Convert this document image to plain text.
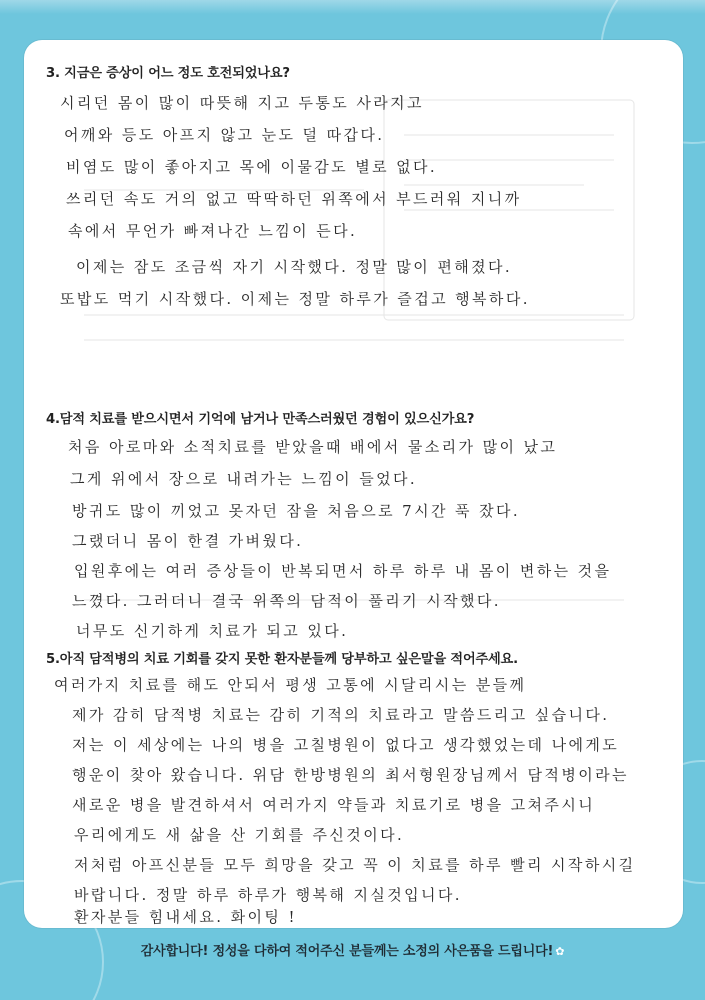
3. 지금은 증상이 어느 정도 호전되었나요?
시리던 몸이 많이 따뜻해 지고 두통도 사라지고
어깨와 등도 아프지 않고 눈도 덜 따갑다.
비염도 많이 좋아지고 목에 이물감도 별로 없다.
쓰리던 속도 거의 없고 딱딱하던 위쪽에서 부드러워 지니까
속에서 무언가 빠져나간 느낌이 든다.
이제는 잠도 조금씩 자기 시작했다. 정말 많이 편해졌다.
또밥도 먹기 시작했다. 이제는 정말 하루가 즐겁고 행복하다.
4.담적 치료를 받으시면서 기억에 남거나 만족스러웠던 경험이 있으신가요?
처음 아로마와 소적치료를 받았을때 배에서 물소리가 많이 났고
그게 위에서 장으로 내려가는 느낌이 들었다.
방귀도 많이 끼었고 못자던 잠을 처음으로 7시간 푹 잤다.
그랬더니 몸이 한결 가벼웠다.
입원후에는 여러 증상들이 반복되면서 하루 하루 내 몸이 변하는 것을
느꼈다. 그러더니 결국 위쪽의 담적이 풀리기 시작했다.
너무도 신기하게 치료가 되고 있다.
5.아직 담적병의 치료 기회를 갖지 못한 환자분들께 당부하고 싶은말을 적어주세요.
여러가지 치료를 해도 안되서 평생 고통에 시달리시는 분들께
제가 감히 담적병 치료는 감히 기적의 치료라고 말씀드리고 싶습니다.
저는 이 세상에는 나의 병을 고칠병원이 없다고 생각했었는데 나에게도
행운이 찾아 왔습니다. 위담 한방병원의 최서형원장님께서 담적병이라는
새로운 병을 발견하셔서 여러가지 약들과 치료기로 병을 고쳐주시니
우리에게도 새 삶을 산 기회를 주신것이다.
저처럼 아프신분들 모두 희망을 갖고 꼭 이 치료를 하루 빨리 시작하시길
바랍니다. 정말 하루 하루가 행복해 지실것입니다.
환자분들 힘내세요. 화이팅 !
감사합니다! 정성을 다하여 적어주신 분들께는 소정의 사은품을 드립니다! ✿
